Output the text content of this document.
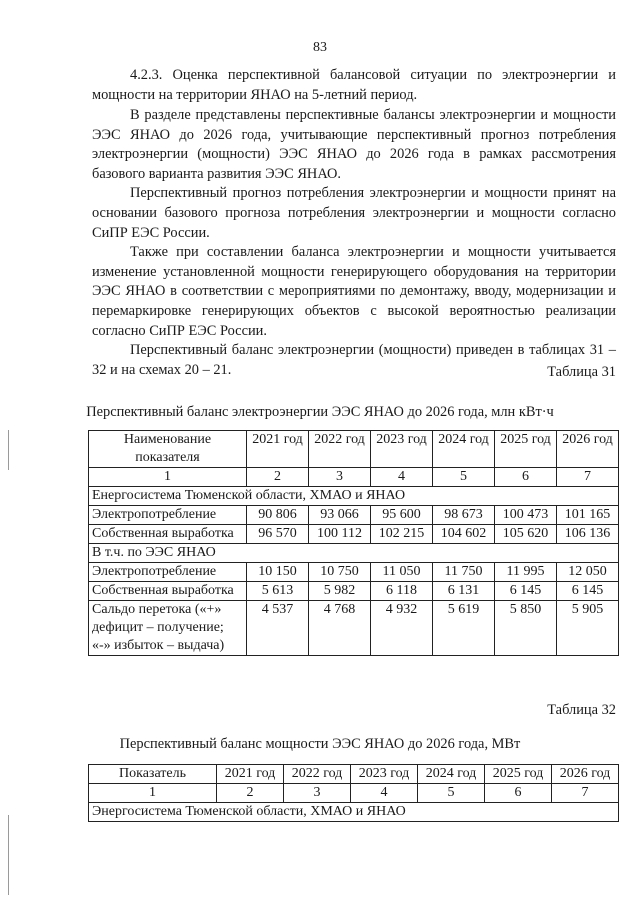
83

4.2.3. Оценка перспективной балансовой ситуации по электроэнергии и мощности на территории ЯНАО на 5-летний период.

В разделе представлены перспективные балансы электроэнергии и мощности ЭЭС ЯНАО до 2026 года, учитывающие перспективный прогноз потребления электроэнергии (мощности) ЭЭС ЯНАО до 2026 года в рамках рассмотрения базового варианта развития ЭЭС ЯНАО.

Перспективный прогноз потребления электроэнергии и мощности принят на основании базового прогноза потребления электроэнергии и мощности согласно СиПР ЕЭС России.

Также при составлении баланса электроэнергии и мощности учитывается изменение установленной мощности генерирующего оборудования на территории ЭЭС ЯНАО в соответствии с мероприятиями по демонтажу, вводу, модернизации и перемаркировке генерирующих объектов с высокой вероятностью реализации согласно СиПР ЕЭС России.

Перспективный баланс электроэнергии (мощности) приведен в таблицах 31 – 32 и на схемах 20 – 21.	Таблица 31
Перспективный баланс электроэнергии ЭЭС ЯНАО до 2026 года, млн кВт·ч
Наименование показателя	2021 год	2022 год	2023 год	2024 год	2025 год	2026 год
1	2	3	4	5	6	7
Енергосистема Тюменской области, ХМАО и ЯНАО						
Электропотребление	90 806	93 066	95 600	98 673	100 473	101 165
Собственная выработка	96 570	100 112	102 215	104 602	105 620	106 136
В т.ч. по ЭЭС ЯНАО						
Электропотребление	10 150	10 750	11 050	11 750	11 995	12 050
Собственная выработка	5 613	5 982	6 118	6 131	6 145	6 145
Сальдо перетока («+» дефицит – получение; «-» избыток – выдача)	4 537	4 768	4 932	5 619	5 850	5 905
Таблица 32
Перспективный баланс мощности ЭЭС ЯНАО до 2026 года, МВт
Показатель	2021 год	2022 год	2023 год	2024 год	2025 год	2026 год
1	2	3	4	5	6	7
Энергосистема Тюменской области, ХМАО и ЯНАО						
